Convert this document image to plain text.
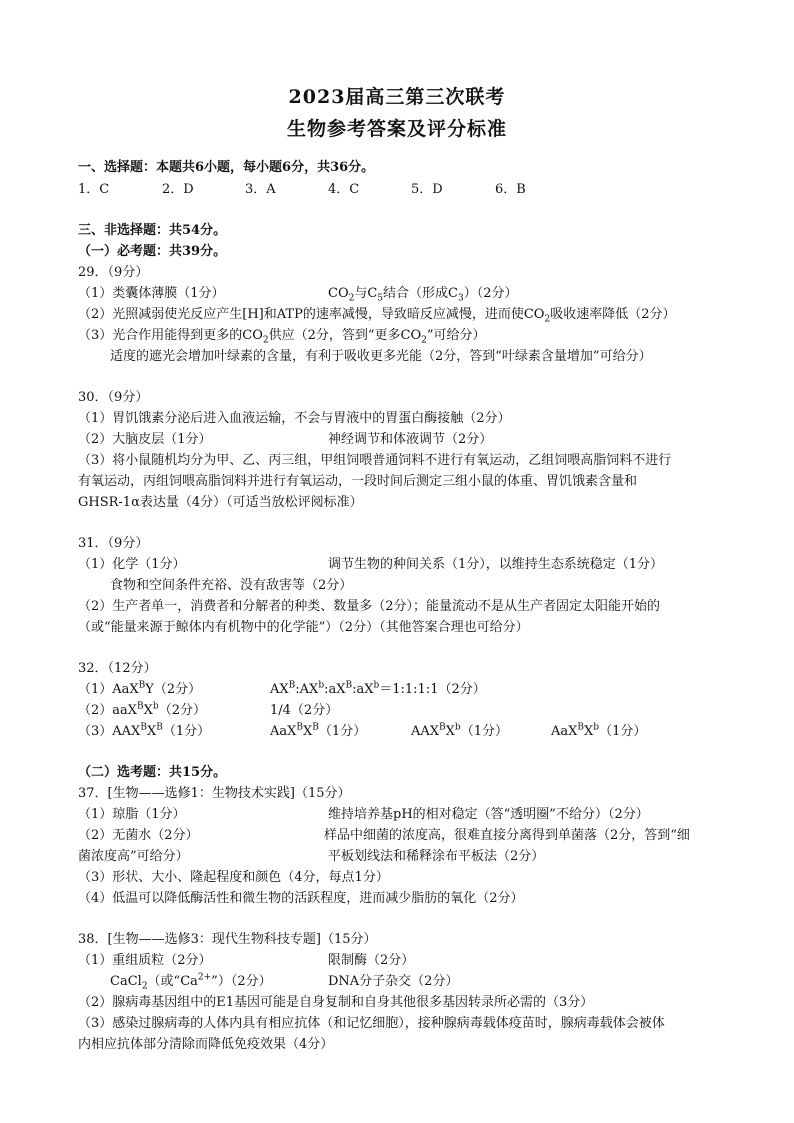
2023届高三第三次联考
生物参考答案及评分标准
一、选择题：本题共6小题，每小题6分，共36分。
1．C	2．D	3．A	4．C	5．D	6．B
三、非选择题：共54分。
（一）必考题：共39分。
29．（9分）
（1）类囊体薄膜（1分）	$CO_2$与$C_5$结合（形成$C_3)(2$分）
（2）光照减弱使光反应产生[H]和ATP的速率减慢，导致暗反应减慢，进而使$CO_2$吸收速率降低（2分）
（3）光合作用能得到更多的$CO_2$供应（2分，答到“更多$CO_2$”可给分）
适度的遮光会增加叶绿素的含量，有利于吸收更多光能（2分，答到“叶绿素含量增加”可给分）
30．（9分）
（1）胃饥饿素分泌后进入血液运输，不会与胃液中的胃蛋白酶接触（2分）
（2）大脑皮层（1分）	神经调节和体液调节（2分）
（3）将小鼠随机均分为甲、乙、丙三组，甲组饲喂普通饲料不进行有氧运动，乙组饲喂高脂饲料不进行
有氧运动，丙组饲喂高脂饲料并进行有氧运动，一段时间后测定三组小鼠的体重、胃饥饿素含量和
GHSR-1α表达量（4分）（可适当放松评阅标准）
31．（9分）
（1）化学（1分）	调节生物的种间关系（1分），以维持生态系统稳定（1分）
食物和空间条件充裕、没有敌害等（2分）
（2）生产者单一，消费者和分解者的种类、数量多（2分）；能量流动不是从生产者固定太阳能开始的
（或“能量来源于鲸体内有机物中的化学能”）（2分）（其他答案合理也可给分）
32．（12分）
（1）AaX$^B$Y（2分）	$AX^B:AX^b:aX^B:aX^b=1:1:1:1(2$分）
$(2)aaX^BX^b(2$分）	1/4（2分）
$(3)AAX^BX^B(1$分）	$AaX^BX^B(1$分）	$AAX^BX^b(1$分）	$AaX^BX^b(1$分）
（二）选考题：共15分。
37．[生物——选修1：生物技术实践]（15分）
（1）琼脂（1分）	维持培养基pH的相对稳定（答“透明圈”不给分）（2分）
（2）无菌水（2分）	样品中细菌的浓度高，很难直接分离得到单菌落（2分，答到“细
菌浓度高”可给分）	平板划线法和稀释涂布平板法（2分）
（3）形状、大小、隆起程度和颜色（4分，每点1分）
（4）低温可以降低酶活性和微生物的活跃程度，进而减少脂肪的氧化（2分）
38．[生物——选修3：现代生物科技专题]（15分）
（1）重组质粒（2分）	限制酶（2分）
CaCl$_2$（或“$Ca^{2+}”)(2$分）	DNA分子杂交（2分）
（2）腺病毒基因组中的E1基因可能是自身复制和自身其他很多基因转录所必需的（3分）
（3）感染过腺病毒的人体内具有相应抗体（和记忆细胞），接种腺病毒载体疫苗时，腺病毒载体会被体
内相应抗体部分清除而降低免疫效果（4分）
